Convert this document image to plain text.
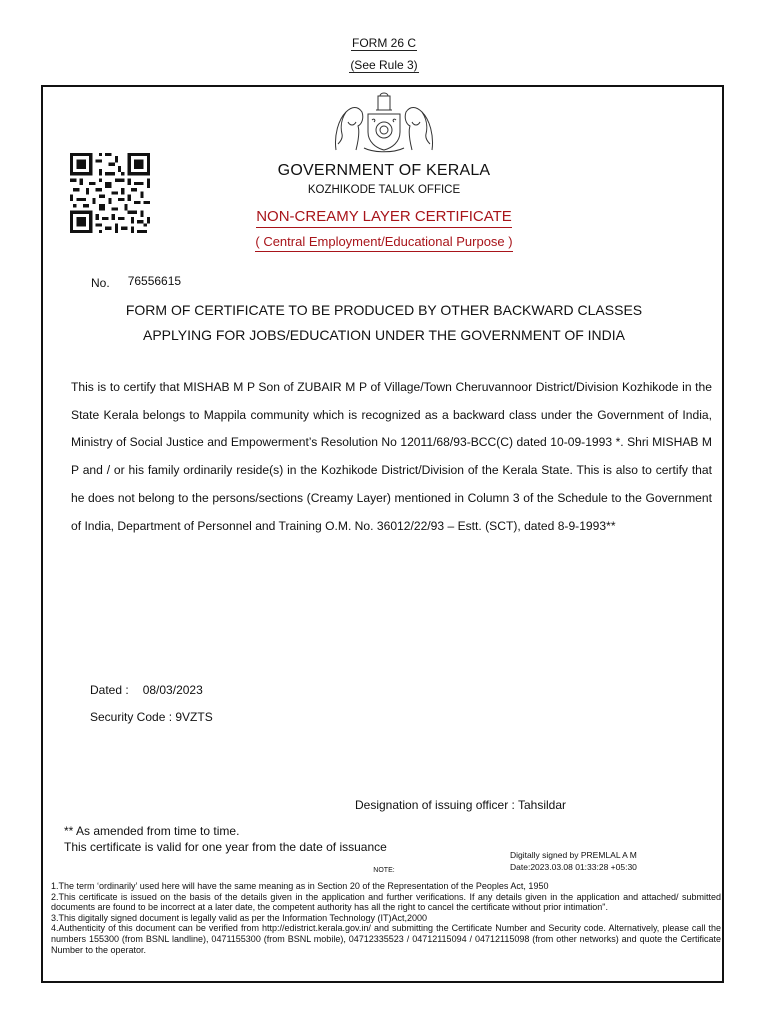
FORM 26 C
(See Rule 3)
GOVERNMENT OF KERALA
KOZHIKODE TALUK OFFICE
NON-CREAMY LAYER CERTIFICATE
( Central Employment/Educational Purpose )
No. 76556615
FORM OF CERTIFICATE TO BE PRODUCED BY OTHER BACKWARD CLASSES
APPLYING FOR JOBS/EDUCATION UNDER THE GOVERNMENT OF INDIA
This is to certify that MISHAB M P Son of ZUBAIR M P of Village/Town Cheruvannoor District/Division Kozhikode in the State Kerala belongs to Mappila community which is recognized as a backward class under the Government of India, Ministry of Social Justice and Empowerment’s Resolution No 12011/68/93-BCC(C) dated 10-09-1993 *. Shri MISHAB M P and / or his family ordinarily reside(s) in the Kozhikode District/Division of the Kerala State. This is also to certify that he does not belong to the persons/sections (Creamy Layer) mentioned in Column 3 of the Schedule to the Government of India, Department of Personnel and Training O.M. No. 36012/22/93 – Estt. (SCT), dated 8-9-1993**
Dated : 08/03/2023
Security Code : 9VZTS
Designation of issuing officer : Tahsildar
** As amended from time to time.
This certificate is valid for one year from the date of issuance
Digitally signed by PREMLAL A M
Date:2023.03.08 01:33:28 +05:30
NOTE:

1.The term ‘ordinarily’ used here will have the same meaning as in Section 20 of the Representation of the Peoples Act, 1950

2.This certificate is issued on the basis of the details given in the application and further verifications. If any details given in the application and attached/ submitted documents are found to be incorrect at a later date, the competent authority has all the right to cancel the certificate without prior intimation".

3.This digitally signed document is legally valid as per the Information Technology (IT)Act,2000

4.Authenticity of this document can be verified from http://edistrict.kerala.gov.in/ and submitting the Certificate Number and Security code. Alternatively, please call the numbers 155300 (from BSNL landline), 0471155300 (from BSNL mobile), 04712335523 / 04712115094 / 04712115098 (from other networks) and quote the Certificate Number to the operator.
